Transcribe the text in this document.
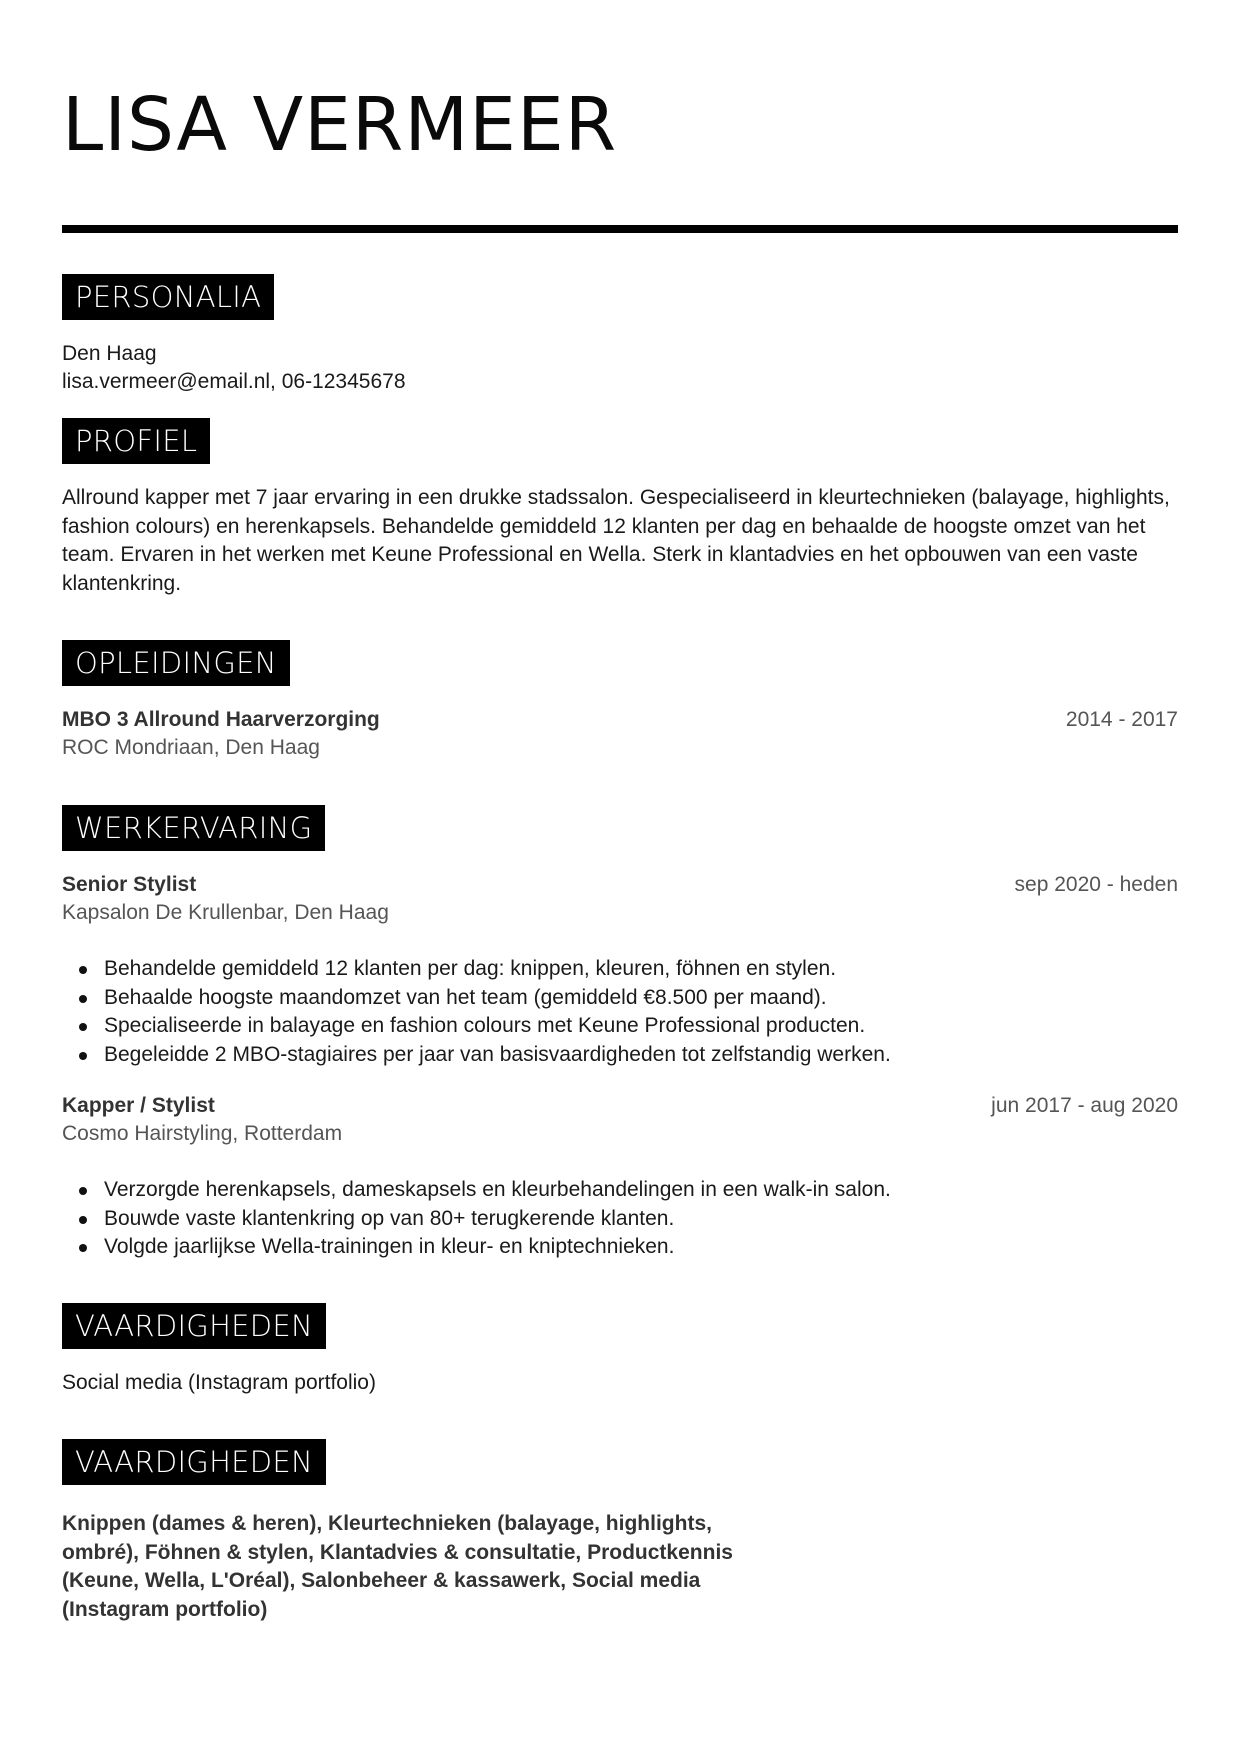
LISA VERMEER
PERSONALIA
Den Haag
lisa.vermeer@email.nl, 06-12345678
PROFIEL
Allround kapper met 7 jaar ervaring in een drukke stadssalon. Gespecialiseerd in kleurtechnieken (balayage, highlights, fashion colours) en herenkapsels. Behandelde gemiddeld 12 klanten per dag en behaalde de hoogste omzet van het team. Ervaren in het werken met Keune Professional en Wella. Sterk in klantadvies en het opbouwen van een vaste klantenkring.
OPLEIDINGEN
MBO 3 Allround Haarverzorging	2014 - 2017
ROC Mondriaan, Den Haag
WERKERVARING
Senior Stylist	sep 2020 - heden
Kapsalon De Krullenbar, Den Haag
Behandelde gemiddeld 12 klanten per dag: knippen, kleuren, föhnen en stylen.
Behaalde hoogste maandomzet van het team (gemiddeld €8.500 per maand).
Specialiseerde in balayage en fashion colours met Keune Professional producten.
Begeleidde 2 MBO-stagiaires per jaar van basisvaardigheden tot zelfstandig werken.
Kapper / Stylist	jun 2017 - aug 2020
Cosmo Hairstyling, Rotterdam
Verzorgde herenkapsels, dameskapsels en kleurbehandelingen in een walk-in salon.
Bouwde vaste klantenkring op van 80+ terugkerende klanten.
Volgde jaarlijkse Wella-trainingen in kleur- en kniptechnieken.
VAARDIGHEDEN
Social media (Instagram portfolio)
VAARDIGHEDEN
Knippen (dames & heren), Kleurtechnieken (balayage, highlights, ombré), Föhnen & stylen, Klantadvies & consultatie, Productkennis (Keune, Wella, L'Oréal), Salonbeheer & kassawerk, Social media (Instagram portfolio)
